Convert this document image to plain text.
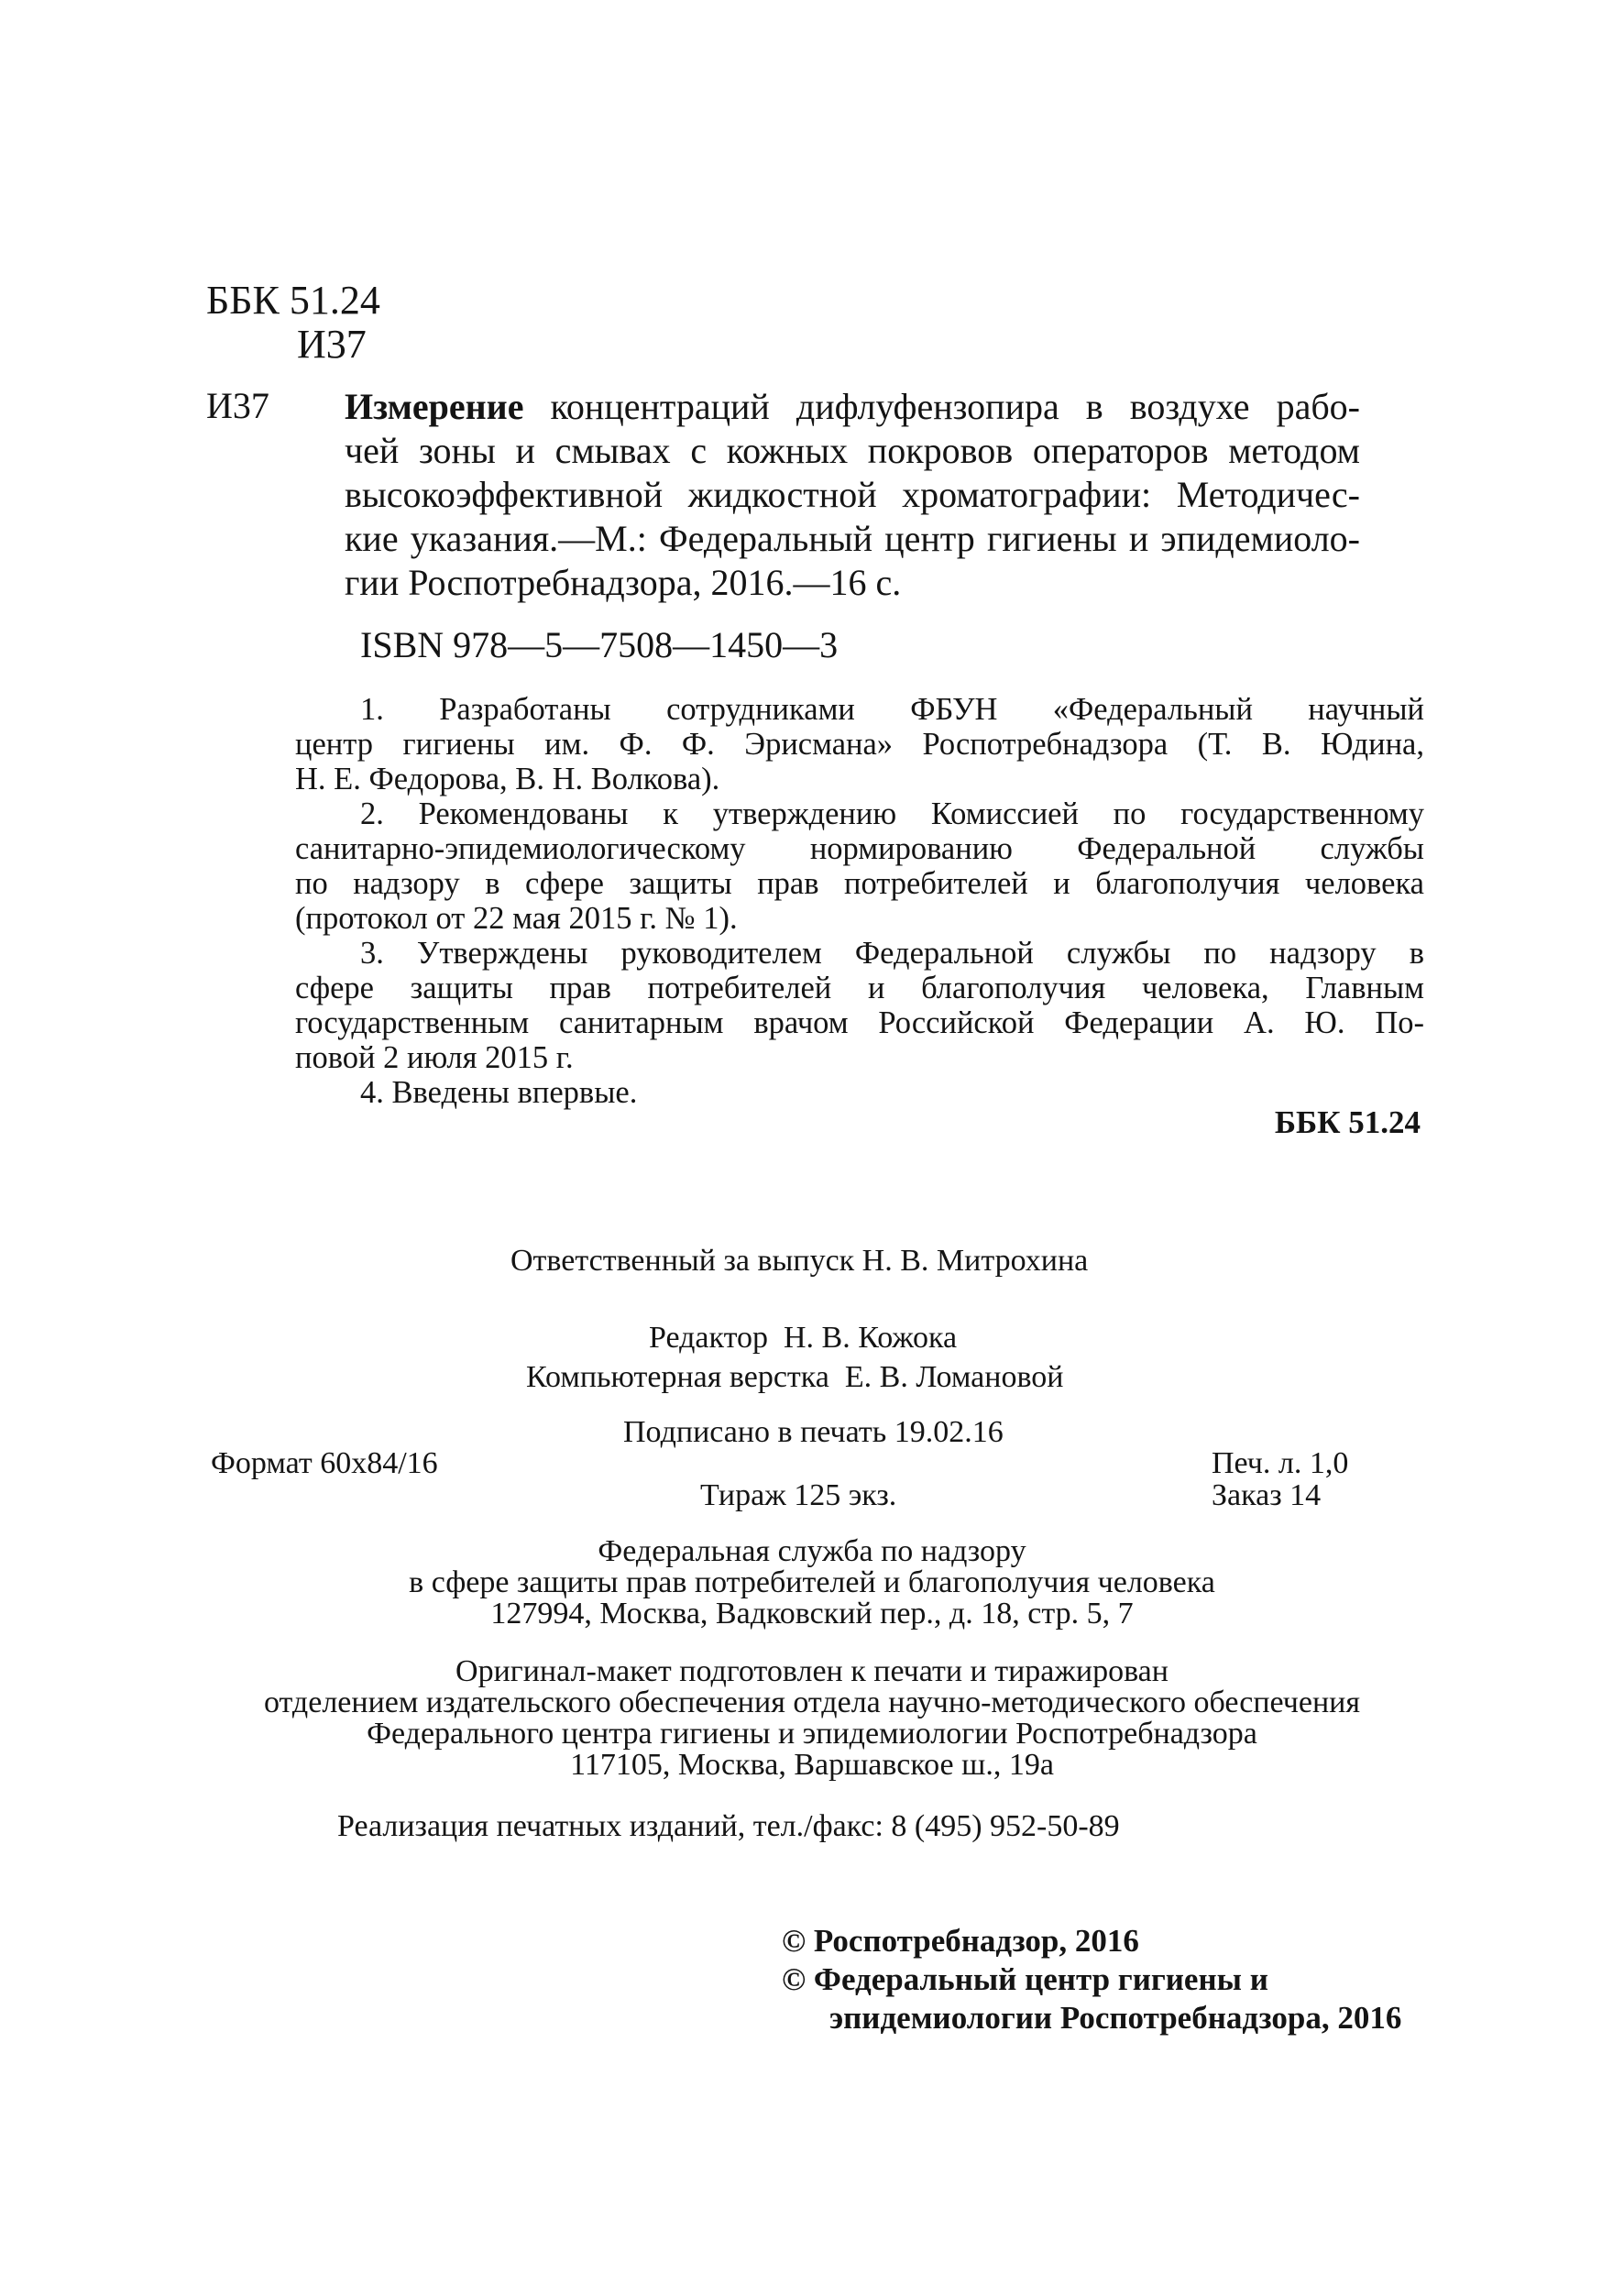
ББК 51.24
И37
И37 Измерение концентраций дифлуфензопира в воздухе рабо-
чей зоны и смывах с кожных покровов операторов методом
высокоэффективной жидкостной хроматографии: Методичес-
кие указания.—М.: Федеральный центр гигиены и эпидемиоло-
гии Роспотребнадзора, 2016.—16 с.
ISBN 978—5—7508—1450—3
1. Разработаны сотрудниками ФБУН «Федеральный научный
центр гигиены им. Ф. Ф. Эрисмана» Роспотребнадзора (Т. В. Юдина,
Н. Е. Федорова, В. Н. Волкова).
2. Рекомендованы к утверждению Комиссией по государственному
санитарно-эпидемиологическому нормированию Федеральной службы
по надзору в сфере защиты прав потребителей и благополучия человека
(протокол от 22 мая 2015 г. № 1).
3. Утверждены руководителем Федеральной службы по надзору в
сфере защиты прав потребителей и благополучия человека, Главным
государственным санитарным врачом Российской Федерации А. Ю. По-
повой 2 июля 2015 г.
4. Введены впервые.
ББК 51.24
Ответственный за выпуск Н. В. Митрохина
Редактор  Н. В. Кожока
Компьютерная верстка  Е. В. Ломановой
Подписано в печать 19.02.16
Формат 60х84/16	Печ. л. 1,0
Тираж 125 экз.	Заказ 14
Федеральная служба по надзору
в сфере защиты прав потребителей и благополучия человека
127994, Москва, Вадковский пер., д. 18, стр. 5, 7
Оригинал-макет подготовлен к печати и тиражирован
отделением издательского обеспечения отдела научно-методического обеспечения
Федерального центра гигиены и эпидемиологии Роспотребнадзора
117105, Москва, Варшавское ш., 19а
Реализация печатных изданий, тел./факс: 8 (495) 952-50-89
© Роспотребнадзор, 2016
© Федеральный центр гигиены и
эпидемиологии Роспотребнадзора, 2016
